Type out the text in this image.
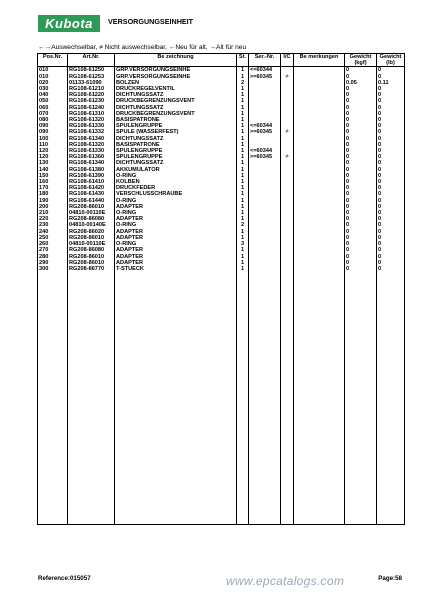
Kubota	VERSORGUNGSEINHEIT
←→Auswechselbar, ≠ Nicht auswechselbar, ←Neu für alt, →Alt für neu
Pos.Nr.	Art.Nr.	Be zeichnung	St.	Ser.-Nr.	I/C	Be merkungen	Gewicht (kgf)	Gewicht (lb)
010	RG108-61250	GRP.VERSORGUNGSEINHE	1	<=60344			0	0
010	RG108-61253	GRP.VERSORGUNGSEINHE	1	>=60345	≠		0	0
020	01133-61090	BOLZEN	2				0.05	0.11
030	RG108-61210	DRUCKREGELVENTIL	1				0	0
040	RG108-61220	DICHTUNGSSATZ	1				0	0
050	RG108-61230	DRUCKBEGRENZUNGSVENT	1				0	0
060	RG108-61240	DICHTUNGSSATZ	1				0	0
070	RG108-61310	DRUCKBEGRENZUNGSVENT	1				0	0
080	RG108-61320	BASISPATRONE	1				0	0
090	RG108-61330	SPULENGRUPPE	1	<=60344			0	0
090	RG108-61332	SPULE (WASSERFEST)	1	>=60345	≠		0	0
100	RG108-61340	DICHTUNGSSATZ	1				0	0
110	RG108-61320	BASISPATRONE	1				0	0
120	RG108-61330	SPULENGRUPPE	1	<=60344			0	0
120	RG108-61360	SPULENGRUPPE	1	>=60345	≠		0	0
130	RG108-61340	DICHTUNGSSATZ	1				0	0
140	RG108-61380	AKKUMULATOR	1				0	0
150	RG108-61390	O-RING	1				0	0
160	RG108-61410	KOLBEN	1				0	0
170	RG108-61420	DRUCKFEDER	1				0	0
180	RG108-61430	VERSCHLUSSCHRAUBE	1				0	0
190	RG108-61440	O-RING	1				0	0
200	RG208-86010	ADAPTER	1				0	0
210	04810-00110E	O-RING	1				0	0
220	RG208-86080	ADAPTER	1				0	0
230	04810-00140E	O-RING	2				0	0
240	RG208-86020	ADAPTER	1				0	0
250	RG208-86010	ADAPTER	1				0	0
260	04810-00110E	O-RING	3				0	0
270	RG208-86080	ADAPTER	1				0	0
280	RG208-86010	ADAPTER	1				0	0
290	RG208-86010	ADAPTER	1				0	0
300	RG208-86770	T-STUECK	1				0	0

Reference:015057	www.epcatalogs.com	Page:58
